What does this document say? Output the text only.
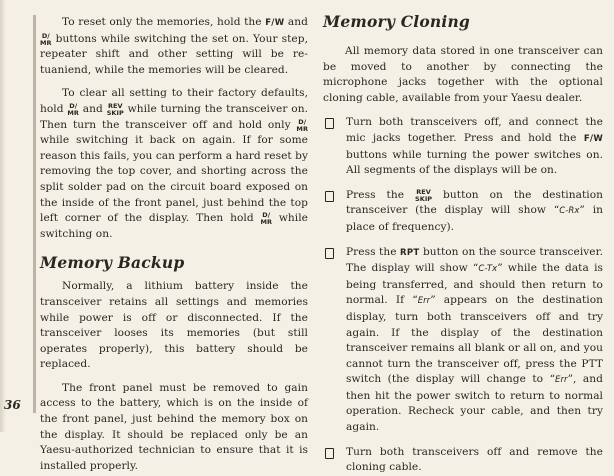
To reset only the memories, hold the F/W and
D/
MR buttons while switching the set on. Your step, repeater shift and other setting will be re-tuaniend, while the memories will be cleared.

To clear all setting to their factory defaults, hold D/
MR and REV
SKIP while turning the transceiver on. Then turn the transceiver off and hold only D/
MR
while switching it back on again. If for some reason this fails, you can perform a hard reset by removing the top cover, and shorting across the split solder pad on the circuit board exposed on the inside of the front panel, just behind the top left corner of the display. Then hold D/
MR while switching on.

Memory Backup

Normally, a lithium battery inside the transceiver retains all settings and memories while power is off or disconnected. If the transceiver looses its memories (but still operates properly), this battery should be replaced.

The front panel must be removed to gain access to the battery, which is on the inside of the front panel, just behind the memory box on the display. It should be replaced only be an Yaesu-authorized technician to ensure that it is installed properly.

Memory Cloning

All memory data stored in one transceiver can be moved to another by connecting the microphone jacks together with the optional cloning cable, available from your Yaesu dealer.

Turn both transceivers off, and connect the mic jacks together. Press and hold the F/W buttons while turning the power switches on. All segments of the displays will be on.

Press the REV
SKIP button on the destination transceiver (the display will show “C-Rx” in place of frequency).

Press the RPT button on the source transceiver. The display will show “C-Tx” while the data is being transferred, and should then return to normal. If “Err” appears on the destination display, turn both transceivers off and try again. If the display of the destination transceiver remains all blank or all on, and you cannot turn the transceiver off, press the PTT switch (the display will change to “Err”, and then hit the power switch to return to normal operation. Recheck your cable, and then try again.

Turn both transceivers off and remove the cloning cable.

36
